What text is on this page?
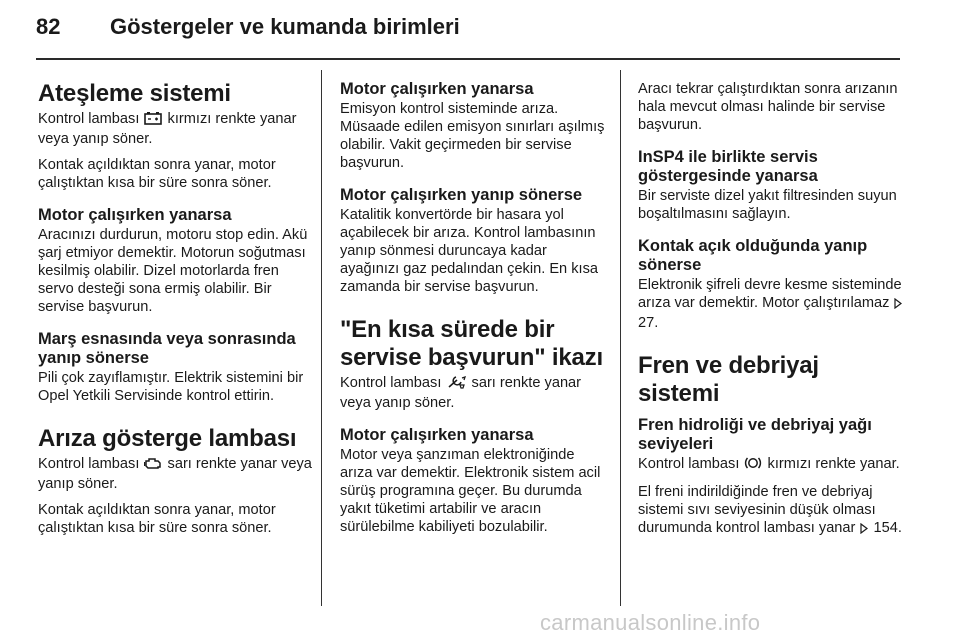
82 Göstergeler ve kumanda birimleri
Ateşleme sistemi

Kontrol lambası kırmızı renkte yanar veya yanıp söner.

Kontak açıldıktan sonra yanar, motor çalıştıktan kısa bir süre sonra söner.

Motor çalışırken yanarsa

Aracınızı durdurun, motoru stop edin. Akü şarj etmiyor demektir. Motorun soğutması kesilmiş olabilir. Dizel motorlarda fren servo desteği sona ermiş olabilir. Bir servise başvurun.

Marş esnasında veya sonrasında yanıp sönerse

Pili çok zayıflamıştır. Elektrik sistemini bir Opel Yetkili Servisinde kontrol ettirin.

Arıza gösterge lambası

Kontrol lambası sarı renkte yanar veya yanıp söner.

Kontak açıldıktan sonra yanar, motor çalıştıktan kısa bir süre sonra söner.

Motor çalışırken yanarsa

Emisyon kontrol sisteminde arıza. Müsaade edilen emisyon sınırları aşılmış olabilir. Vakit geçirmeden bir servise başvurun.

Motor çalışırken yanıp sönerse

Katalitik konvertörde bir hasara yol açabilecek bir arıza. Kontrol lambasının yanıp sönmesi duruncaya kadar ayağınızı gaz pedalından çekin. En kısa zamanda bir servise başvurun.

"En kısa sürede bir servise başvurun" ikazı

Kontrol lambası sarı renkte yanar veya yanıp söner.

Motor çalışırken yanarsa

Motor veya şanzıman elektroniğinde arıza var demektir. Elektronik sistem acil sürüş programına geçer. Bu durumda yakıt tüketimi artabilir ve aracın sürülebilme kabiliyeti bozulabilir.

Aracı tekrar çalıştırdıktan sonra arızanın hala mevcut olması halinde bir servise başvurun.

InSP4 ile birlikte servis göstergesinde yanarsa

Bir serviste dizel yakıt filtresinden suyun boşaltılmasını sağlayın.

Kontak açık olduğunda yanıp sönerse

Elektronik şifreli devre kesme sisteminde arıza var demektir. Motor çalıştırılamaz  27.

Fren ve debriyaj sistemi
Fren hidroliği ve debriyaj yağı seviyeleri

Kontrol lambası kırmızı renkte yanar.

El freni indirildiğinde fren ve debriyaj sistemi sıvı seviyesinin düşük olması durumunda kontrol lambası yanar 154.

carmanualsonline.info
